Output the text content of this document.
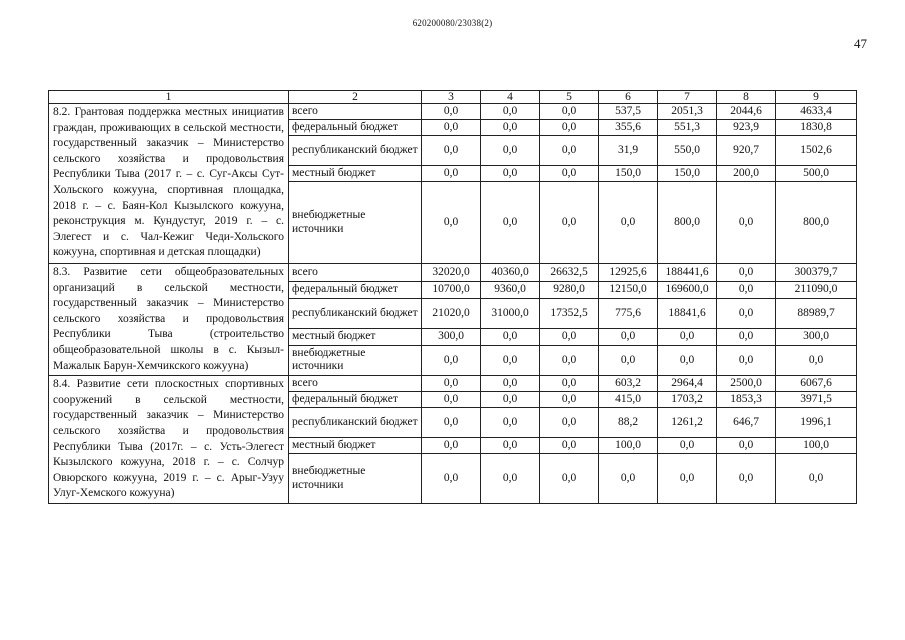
620200080/23038(2)
47
1	2	3	4	5	6	7	8	9
8.2. Грантовая поддержка местных инициатив граждан, проживающих в сельской местности, государственный заказчик – Министерство сельского хозяйства и продовольствия Республики Тыва (2017 г. – с. Суг-Аксы Сут-Хольского кожууна, спортивная площадка, 2018 г. – с. Баян-Кол Кызылского кожууна, реконструкция м. Кундустуг, 2019 г. – с. Элегест и с. Чал-Кежиг Чеди-Хольского кожууна, спортивная и детская площадки)	всего	0,0	0,0	0,0	537,5	2051,3	2044,6	4633,4
	федеральный бюджет	0,0	0,0	0,0	355,6	551,3	923,9	1830,8
	республиканский бюджет	0,0	0,0	0,0	31,9	550,0	920,7	1502,6
	местный бюджет	0,0	0,0	0,0	150,0	150,0	200,0	500,0
	внебюджетные источники	0,0	0,0	0,0	0,0	800,0	0,0	800,0
8.3. Развитие сети общеобразовательных организаций в сельской местности, государственный заказчик – Министерство сельского хозяйства и продовольствия Республики Тыва (строительство общеобразовательной школы в с. Кызыл-Мажалык Барун-Хемчикского кожууна)	всего	32020,0	40360,0	26632,5	12925,6	188441,6	0,0	300379,7
	федеральный бюджет	10700,0	9360,0	9280,0	12150,0	169600,0	0,0	211090,0
	республиканский бюджет	21020,0	31000,0	17352,5	775,6	18841,6	0,0	88989,7
	местный бюджет	300,0	0,0	0,0	0,0	0,0	0,0	300,0
	внебюджетные источники	0,0	0,0	0,0	0,0	0,0	0,0	0,0
8.4. Развитие сети плоскостных спортивных сооружений в сельской местности, государственный заказчик – Министерство сельского хозяйства и продовольствия Республики Тыва (2017г. – с. Усть-Элегест Кызылского кожууна, 2018 г. – с. Солчур Овюрского кожууна, 2019 г. – с. Арыг-Узуу Улуг-Хемского кожууна)	всего	0,0	0,0	0,0	603,2	2964,4	2500,0	6067,6
	федеральный бюджет	0,0	0,0	0,0	415,0	1703,2	1853,3	3971,5
	республиканский бюджет	0,0	0,0	0,0	88,2	1261,2	646,7	1996,1
	местный бюджет	0,0	0,0	0,0	100,0	0,0	0,0	100,0
	внебюджетные источники	0,0	0,0	0,0	0,0	0,0	0,0	0,0
